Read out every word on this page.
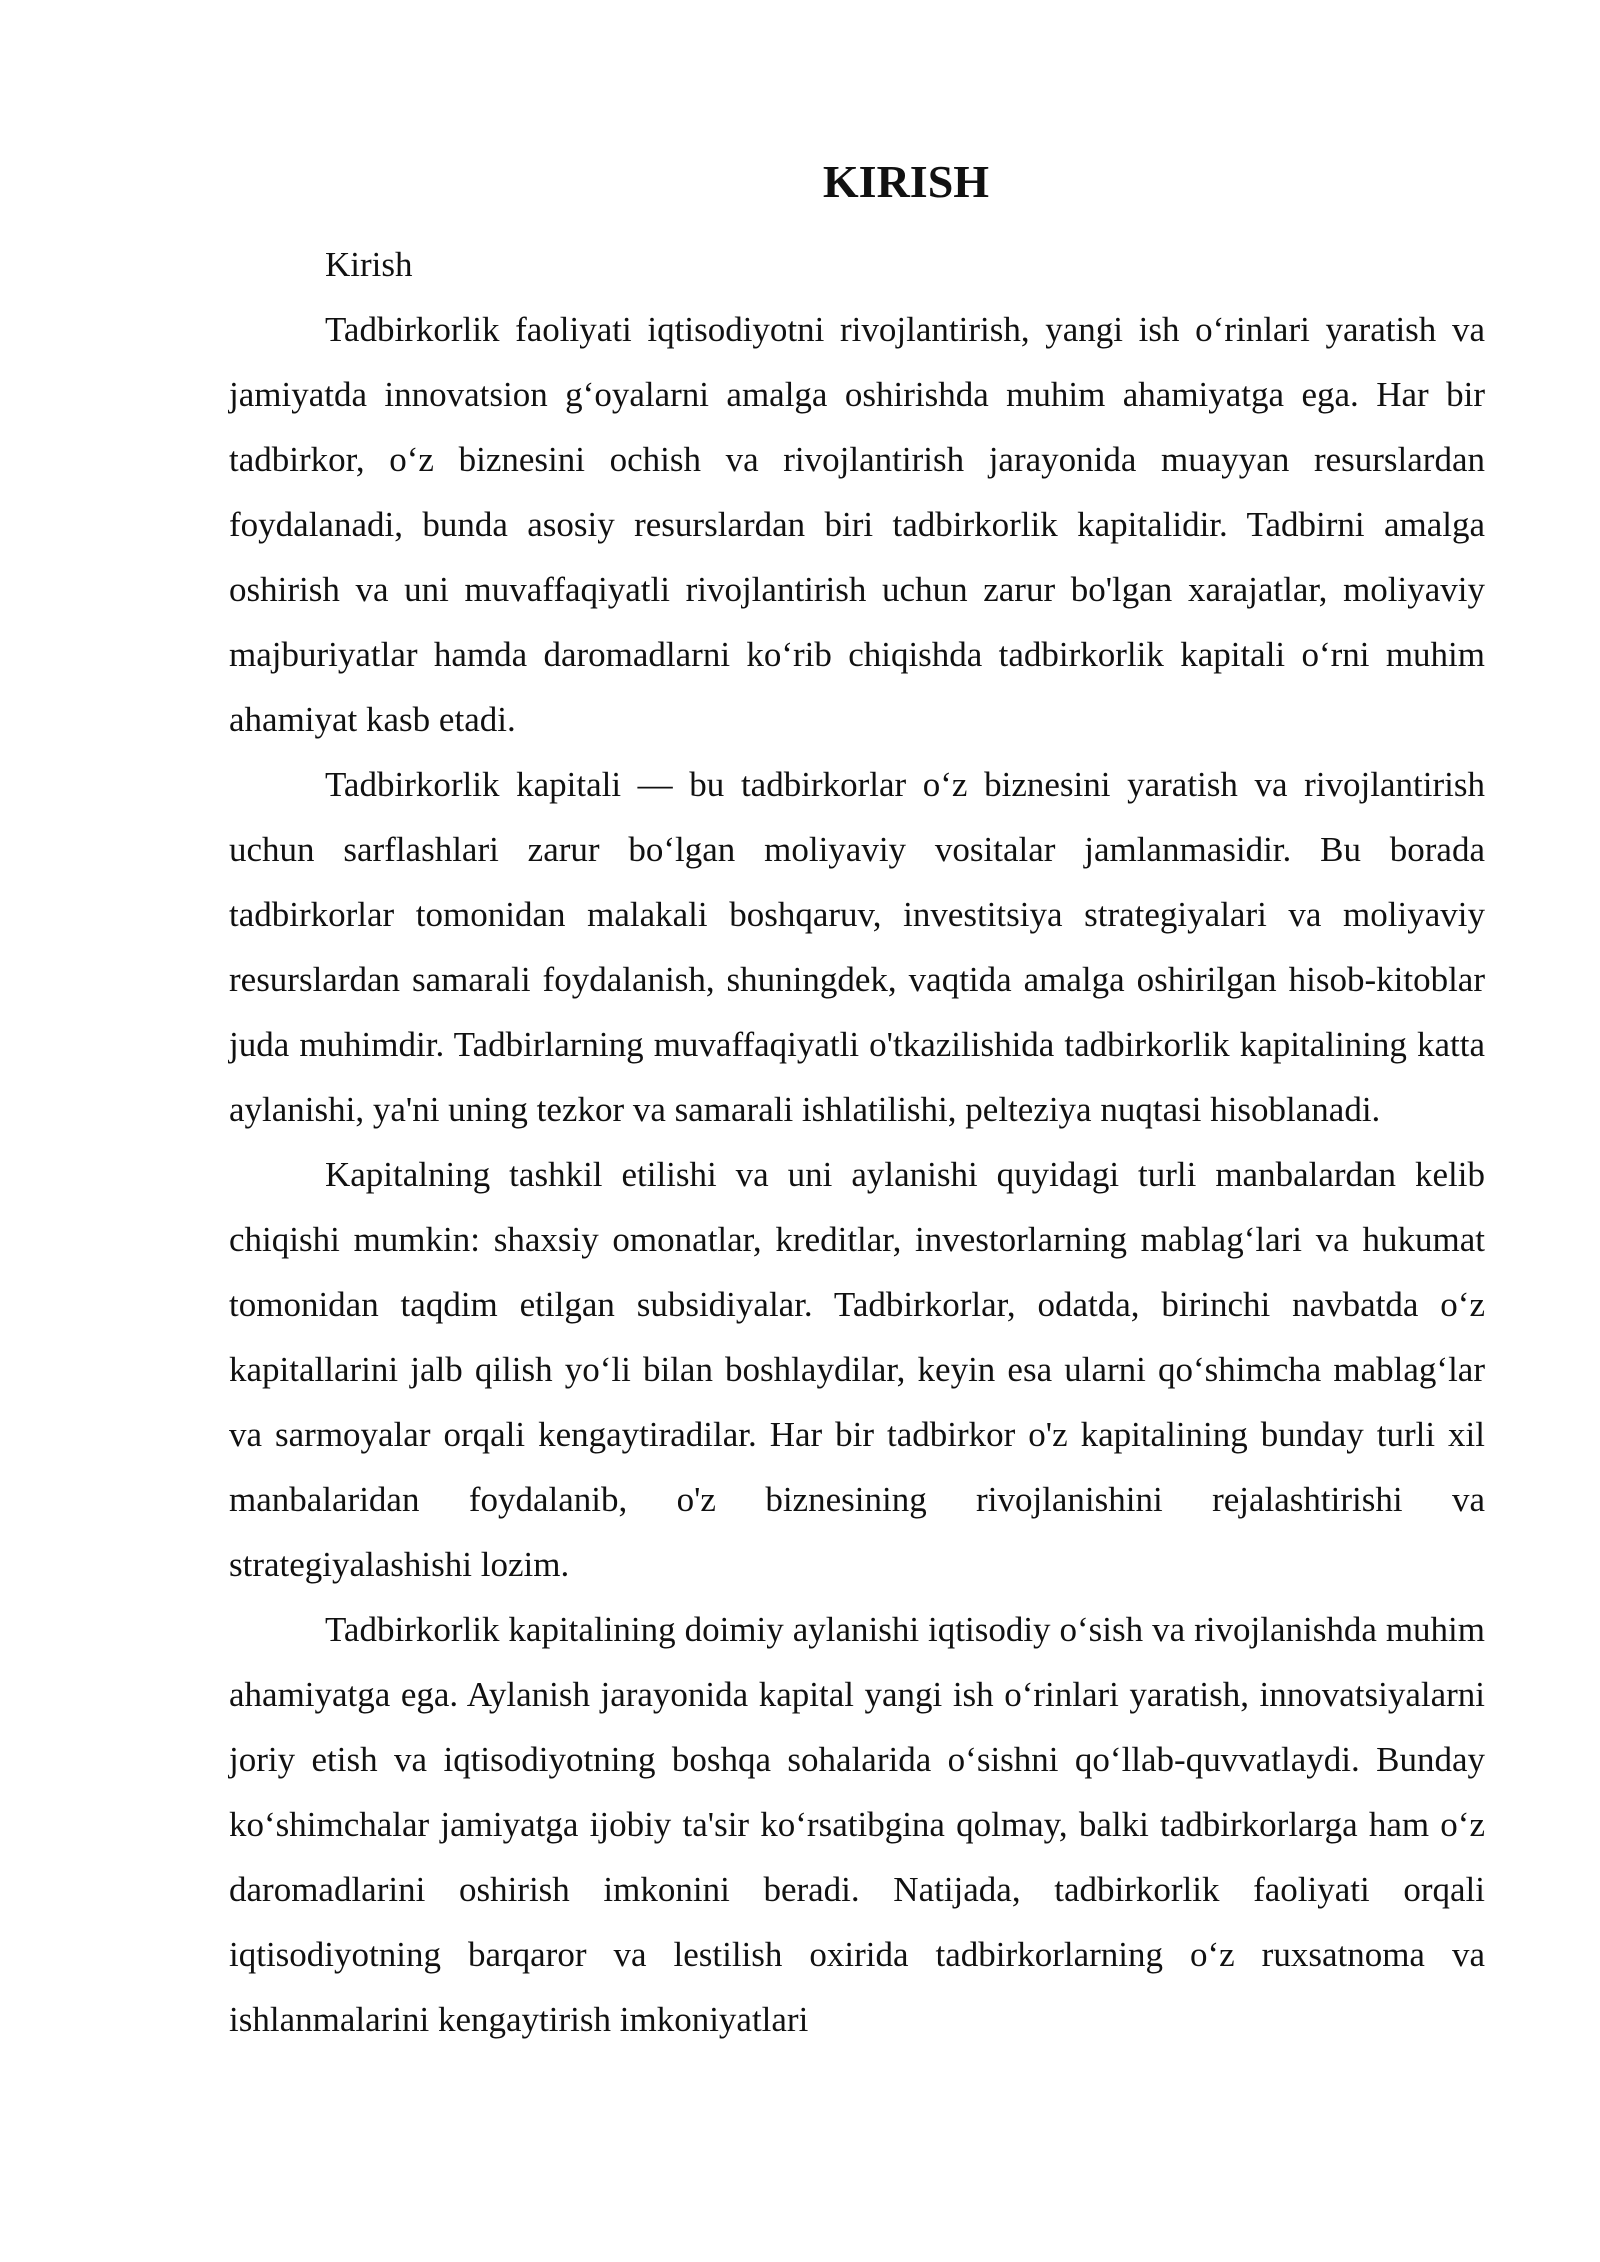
KIRISH

Kirish

Tadbirkorlik faoliyati iqtisodiyotni rivojlantirish, yangi ish o‘rinlari yaratish va jamiyatda innovatsion g‘oyalarni amalga oshirishda muhim ahamiyatga ega. Har bir tadbirkor, o‘z biznesini ochish va rivojlantirish jarayonida muayyan resurslardan foydalanadi, bunda asosiy resurslardan biri tadbirkorlik kapitalidir. Tadbirni amalga oshirish va uni muvaffaqiyatli rivojlantirish uchun zarur bo'lgan xarajatlar, moliyaviy majburiyatlar hamda daromadlarni ko‘rib chiqishda tadbirkorlik kapitali o‘rni muhim ahamiyat kasb etadi.

Tadbirkorlik kapitali — bu tadbirkorlar o‘z biznesini yaratish va rivojlantirish uchun sarflashlari zarur bo‘lgan moliyaviy vositalar jamlanmasidir. Bu borada tadbirkorlar tomonidan malakali boshqaruv, investitsiya strategiyalari va moliyaviy resurslardan samarali foydalanish, shuningdek, vaqtida amalga oshirilgan hisob-kitoblar juda muhimdir. Tadbirlarning muvaffaqiyatli o'tkazilishida tadbirkorlik kapitalining katta aylanishi, ya'ni uning tezkor va samarali ishlatilishi, pelteziya nuqtasi hisoblanadi.

Kapitalning tashkil etilishi va uni aylanishi quyidagi turli manbalardan kelib chiqishi mumkin: shaxsiy omonatlar, kreditlar, investorlarning mablag‘lari va hukumat tomonidan taqdim etilgan subsidiyalar. Tadbirkorlar, odatda, birinchi navbatda o‘z kapitallarini jalb qilish yo‘li bilan boshlaydilar, keyin esa ularni qo‘shimcha mablag‘lar va sarmoyalar orqali kengaytiradilar. Har bir tadbirkor o'z kapitalining bunday turli xil manbalaridan foydalanib, o'z biznesining rivojlanishini rejalashtirishi va strategiyalashishi lozim.

Tadbirkorlik kapitalining doimiy aylanishi iqtisodiy o‘sish va rivojlanishda muhim ahamiyatga ega. Aylanish jarayonida kapital yangi ish o‘rinlari yaratish, innovatsiyalarni joriy etish va iqtisodiyotning boshqa sohalarida o‘sishni qo‘llab-quvvatlaydi. Bunday ko‘shimchalar jamiyatga ijobiy ta'sir ko‘rsatibgina qolmay, balki tadbirkorlarga ham o‘z daromadlarini oshirish imkonini beradi. Natijada, tadbirkorlik faoliyati orqali iqtisodiyotning barqaror va lestilish oxirida tadbirkorlarning o‘z ruxsatnoma va ishlanmalarini kengaytirish imkoniyatlari
